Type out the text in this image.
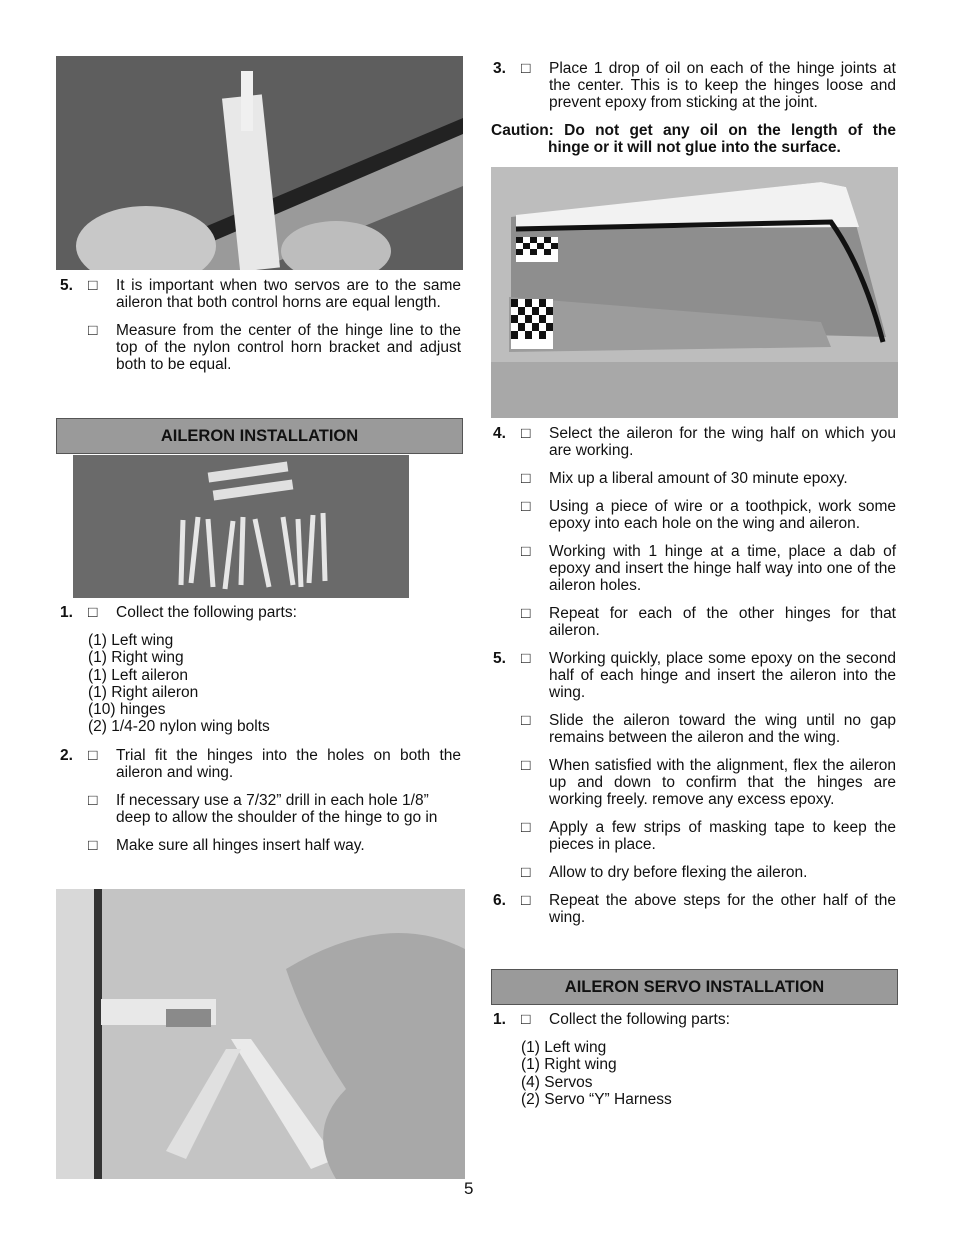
5. □ It is important when two servos are to the same aileron that both control horns are equal length.

□ Measure from the center of the hinge line to the top of the nylon control horn bracket and adjust both to be equal.

AILERON INSTALLATION

1. □ Collect the following parts:

(1) Left wing
(1) Right wing
(1) Left aileron
(1) Right aileron
(10) hinges
(2) 1/4-20 nylon wing bolts

2. □ Trial fit the hinges into the holes on both the aileron and wing.

□ If necessary use a 7/32” drill in each hole 1/8” deep to allow the shoulder of the hinge to go in

□ Make sure all hinges insert half way.

3. □ Place 1 drop of oil on each of the hinge joints at the center. This is to keep the hinges loose and prevent epoxy from sticking at the joint.

Caution: Do not get any oil on the length of the
hinge or it will not glue into the surface.

4. □ Select the aileron for the wing half on which you are working.

□ Mix up a liberal amount of 30 minute epoxy.

□ Using a piece of wire or a toothpick, work some epoxy into each hole on the wing and aileron.

□ Working with 1 hinge at a time, place a dab of epoxy and insert the hinge half way into one of the aileron holes.

□ Repeat for each of the other hinges for that aileron.

5. □ Working quickly, place some epoxy on the second half of each hinge and insert the aileron into the wing.

□ Slide the aileron toward the wing until no gap remains between the aileron and the wing.

□ When satisfied with the alignment, flex the aileron up and down to confirm that the hinges are working freely. remove any excess epoxy.

□ Apply a few strips of masking tape to keep the pieces in place.

□ Allow to dry before flexing the aileron.

6. □ Repeat the above steps for the other half of the wing.

AILERON SERVO INSTALLATION

1. □ Collect the following parts:

(1) Left wing
(1) Right wing
(4) Servos
(2) Servo “Y” Harness
5
